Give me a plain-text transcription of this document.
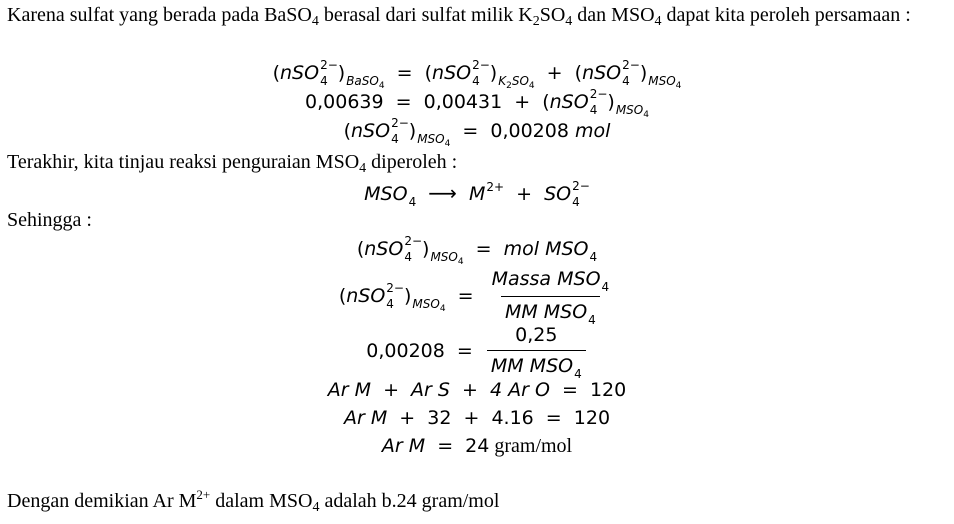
Karena sulfat yang berada pada BaSO$_4$ berasal dari sulfat milik $K_2SO_4$ dan $MSO_4$ dapat kita peroleh persamaan :
(nSO 2−
4 )$_{BaSO_4} = (nSO$ 2−
4 )$_{K_2SO_4} + (nSO$ 2−
4 )$_{MSO_4}$
0,00639 = 0,00431 + (nSO 2−
4 )$_{MSO_4}$
(nSO 2−
4 )$_{MSO_4} = 0,00208$ mol
Terakhir, kita tinjau reaksi penguraian $MSO_4$ diperoleh :
$MSO_4$ ⟶ $M^{2+}$ + SO 2−
4
Sehingga :
(nSO 2−
4 )$_{MSO_4}$ = mol $MSO_4$
(nSO 2−
4 )$_{MSO_4} = \frac{Massa MSO_4}{MM MSO_4}$
$0,00208 = \frac{0,25}{MM MSO_4}$
Ar M + Ar S + 4 Ar O = 120
Ar M + 32 + 4.16 = 120
Ar M = 24 gram/mol
Dengan demikian Ar $M^{2+}$ dalam $MSO_4$ adalah b.24 gram/mol
